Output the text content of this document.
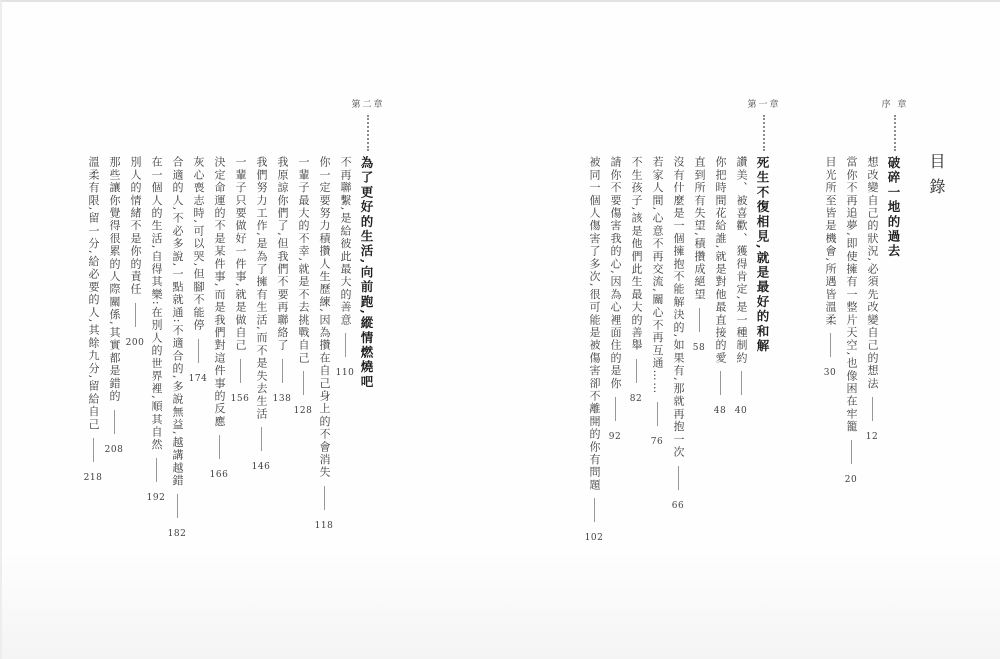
目錄
序 章
破碎一地的過去
想改變自己的狀況,必須先改變自己的想法12
當你不再追夢,即使擁有一整片天空,也像困在牢籠20
目光所至皆是機會,所遇皆溫柔30
第一章
死生不復相見,就是最好的和解
讚美、被喜歡、獲得肯定,是一種制約40
你把時間花給誰,就是對他最直接的愛48
直到所有失望,積攢成絕望58
沒有什麼是一個擁抱不能解決的,如果有,那就再抱一次66
若家人間,心意不再交流,關心不再互通……76
不生孩子,該是他們此生最大的善舉82
請你不要傷害我的心,因為心裡面住的是你92
被同一個人傷害了多次,很可能是被傷害卻不離開的你有問題102
第二章
為了更好的生活,向前跑,縱情燃燒吧
不再聯繫,是給彼此最大的善意110
你一定要努力積攢人生歷練,因為攢在自己身上的不會消失118
一輩子最大的不幸,就是不去挑戰自己128
我原諒你們了,但我們不要再聯絡了138
我們努力工作,是為了擁有生活,而不是失去生活146
一輩子只要做好一件事,就是做自己156
決定命運的不是某件事,而是我們對這件事的反應166
灰心喪志時,可以哭,但腳不能停174
合適的人,不必多說,一點就通:不適合的,多說無益,越講越錯182
在一個人的生活,自得其樂:在別人的世界裡,順其自然192
別人的情緒不是你的責任200
那些讓你覺得很累的人際關係,其實都是錯的208
溫柔有限,留一分,給必要的人,其餘九分,留給自己218
